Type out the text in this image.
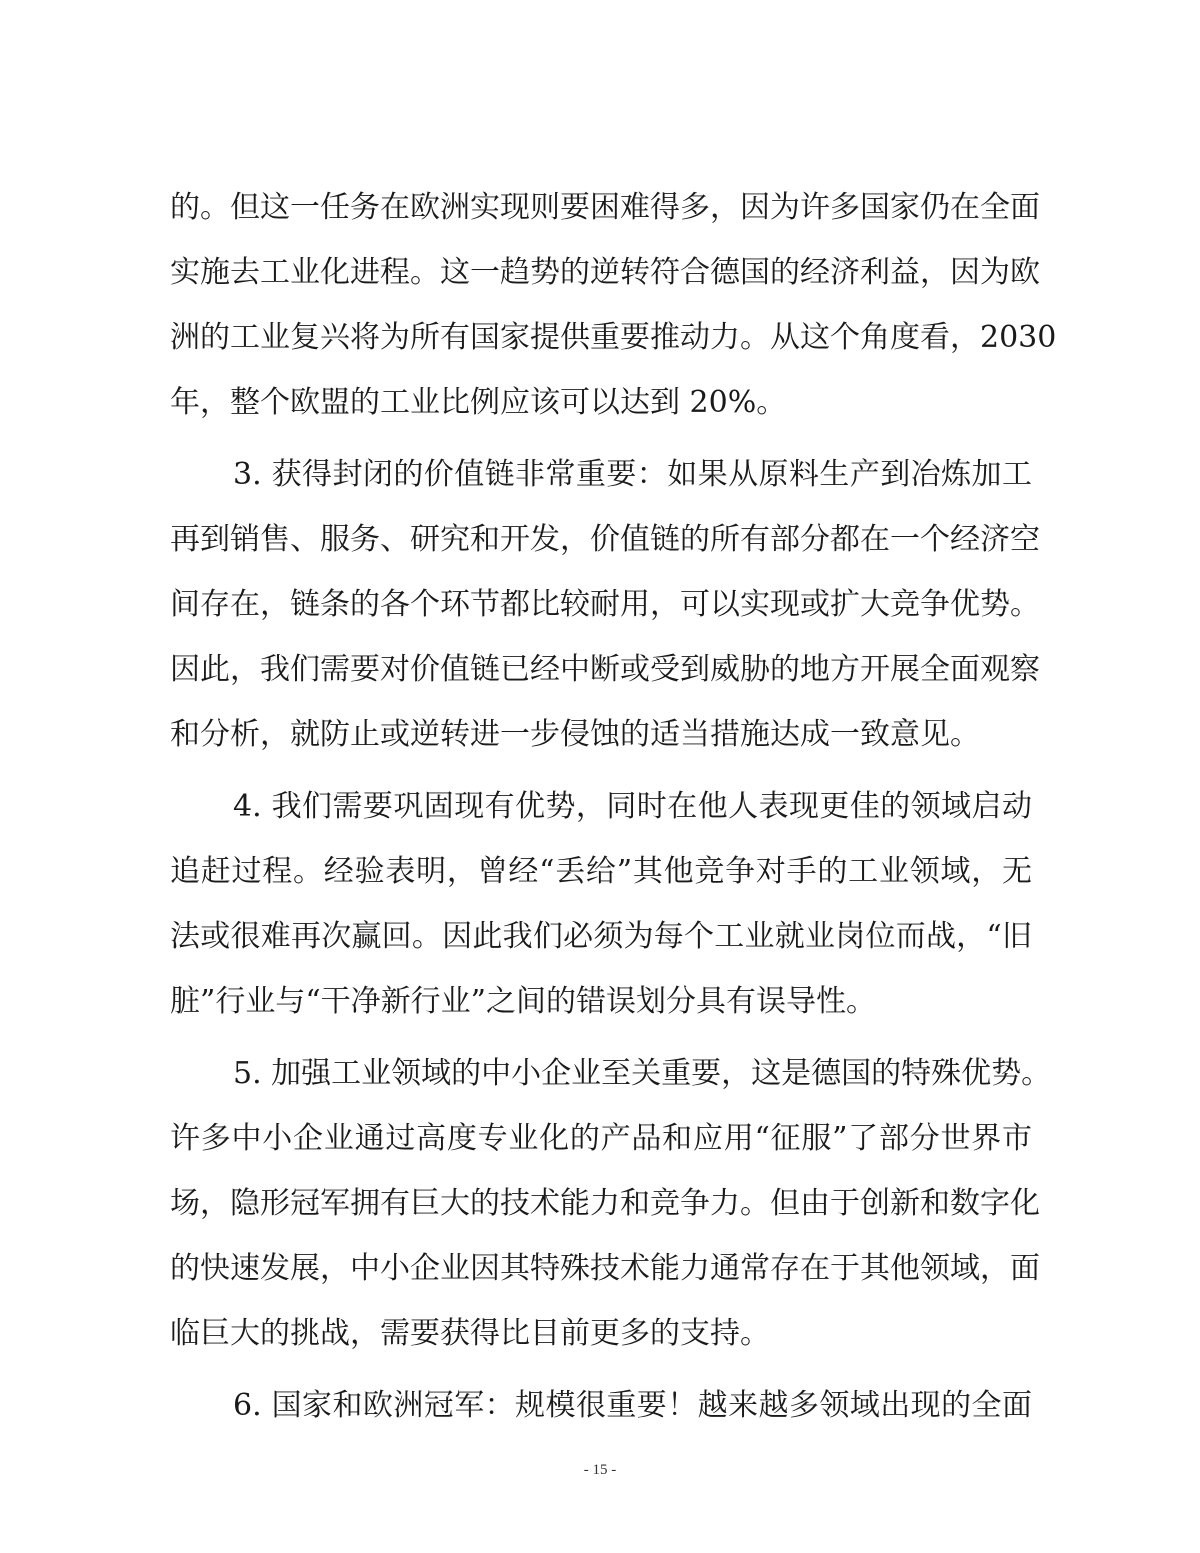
的。但这一任务在欧洲实现则要困难得多，因为许多国家仍在全面
实施去工业化进程。这一趋势的逆转符合德国的经济利益，因为欧
洲的工业复兴将为所有国家提供重要推动力。从这个角度看，2030
年，整个欧盟的工业比例应该可以达到 20%。
3. 获得封闭的价值链非常重要：如果从原料生产到冶炼加工
再到销售、服务、研究和开发，价值链的所有部分都在一个经济空
间存在，链条的各个环节都比较耐用，可以实现或扩大竞争优势。
因此，我们需要对价值链已经中断或受到威胁的地方开展全面观察
和分析，就防止或逆转进一步侵蚀的适当措施达成一致意见。
4. 我们需要巩固现有优势，同时在他人表现更佳的领域启动
追赶过程。经验表明，曾经“丢给”其他竞争对手的工业领域，无
法或很难再次赢回。因此我们必须为每个工业就业岗位而战，“旧
脏”行业与“干净新行业”之间的错误划分具有误导性。
5. 加强工业领域的中小企业至关重要，这是德国的特殊优势。
许多中小企业通过高度专业化的产品和应用“征服”了部分世界市
场，隐形冠军拥有巨大的技术能力和竞争力。但由于创新和数字化
的快速发展，中小企业因其特殊技术能力通常存在于其他领域，面
临巨大的挑战，需要获得比目前更多的支持。
6. 国家和欧洲冠军：规模很重要！越来越多领域出现的全面
- 15 -
